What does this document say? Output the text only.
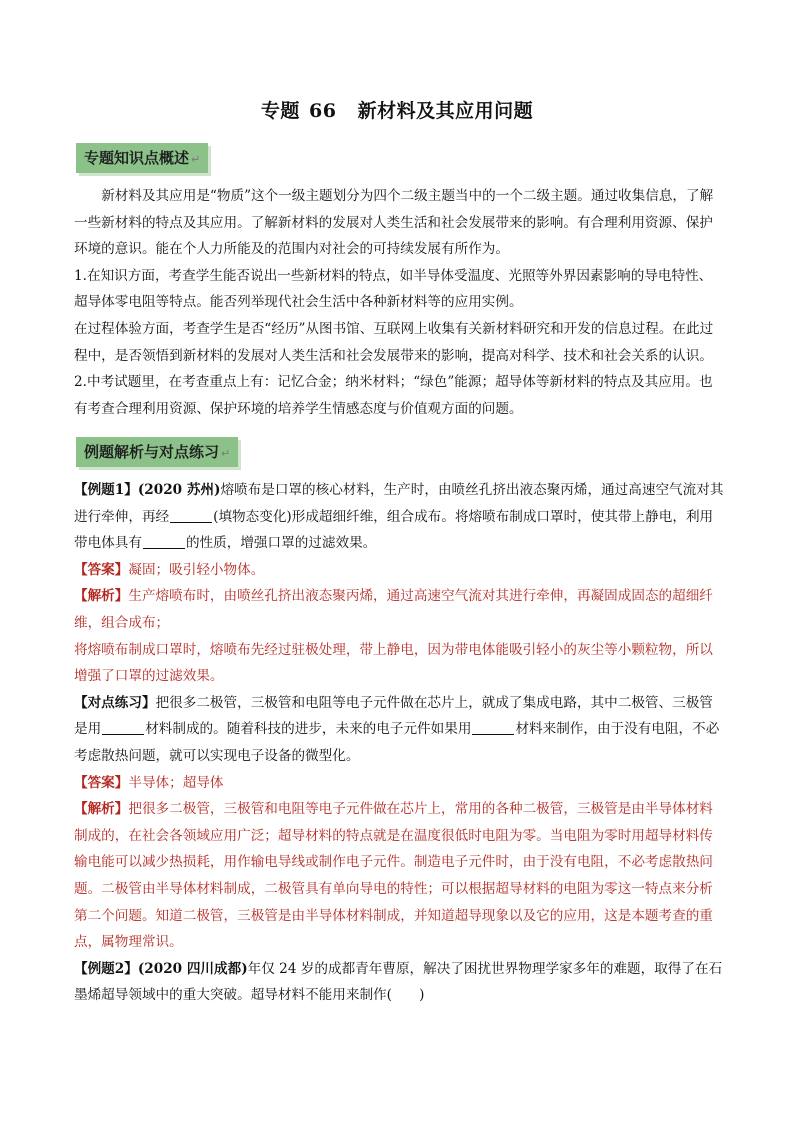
专题 66 新材料及其应用问题
专题知识点概述 ↵

新材料及其应用是“物质”这个一级主题划分为四个二级主题当中的一个二级主题。通过收集信息，了解一些新材料的特点及其应用。了解新材料的发展对人类生活和社会发展带来的影响。有合理利用资源、保护环境的意识。能在个人力所能及的范围内对社会的可持续发展有所作为。

1.在知识方面，考查学生能否说出一些新材料的特点，如半导体受温度、光照等外界因素影响的导电特性、超导体零电阻等特点。能否列举现代社会生活中各种新材料等的应用实例。

在过程体验方面，考查学生是否“经历”从图书馆、互联网上收集有关新材料研究和开发的信息过程。在此过程中，是否领悟到新材料的发展对人类生活和社会发展带来的影响，提高对科学、技术和社会关系的认识。

2.中考试题里，在考查重点上有：记忆合金；纳米材料；“绿色”能源；超导体等新材料的特点及其应用。也有考查合理利用资源、保护环境的培养学生情感态度与价值观方面的问题。

例题解析与对点练习 ↵

【例题1】(2020 苏州)熔喷布是口罩的核心材料，生产时，由喷丝孔挤出液态聚丙烯，通过高速空气流对其进行牵伸，再经	(填物态变化)形成超细纤维，组合成布。将熔喷布制成口罩时，使其带上静电，利用带电体具有	的性质，增强口罩的过滤效果。

【答案】凝固；吸引轻小物体。

【解析】生产熔喷布时，由喷丝孔挤出液态聚丙烯，通过高速空气流对其进行牵伸，再凝固成固态的超细纤维，组合成布；

将熔喷布制成口罩时，熔喷布先经过驻极处理，带上静电，因为带电体能吸引轻小的灰尘等小颗粒物，所以增强了口罩的过滤效果。

【对点练习】把很多二极管，三极管和电阻等电子元件做在芯片上，就成了集成电路，其中二极管、三极管是用	材料制成的。随着科技的进步，未来的电子元件如果用	材料来制作，由于没有电阻，不必考虑散热问题，就可以实现电子设备的微型化。

【答案】半导体；超导体

【解析】把很多二极管，三极管和电阻等电子元件做在芯片上，常用的各种二极管，三极管是由半导体材料制成的，在社会各领域应用广泛；超导材料的特点就是在温度很低时电阻为零。当电阻为零时用超导材料传输电能可以减少热损耗，用作输电导线或制作电子元件。制造电子元件时，由于没有电阻，不必考虑散热问题。二极管由半导体材料制成，二极管具有单向导电的特性；可以根据超导材料的电阻为零这一特点来分析第二个问题。知道二极管，三极管是由半导体材料制成，并知道超导现象以及它的应用，这是本题考查的重点，属物理常识。

【例题2】(2020 四川成都)年仅 24 岁的成都青年曹原，解决了困扰世界物理学家多年的难题，取得了在石墨烯超导领域中的重大突破。超导材料不能用来制作(　　)
